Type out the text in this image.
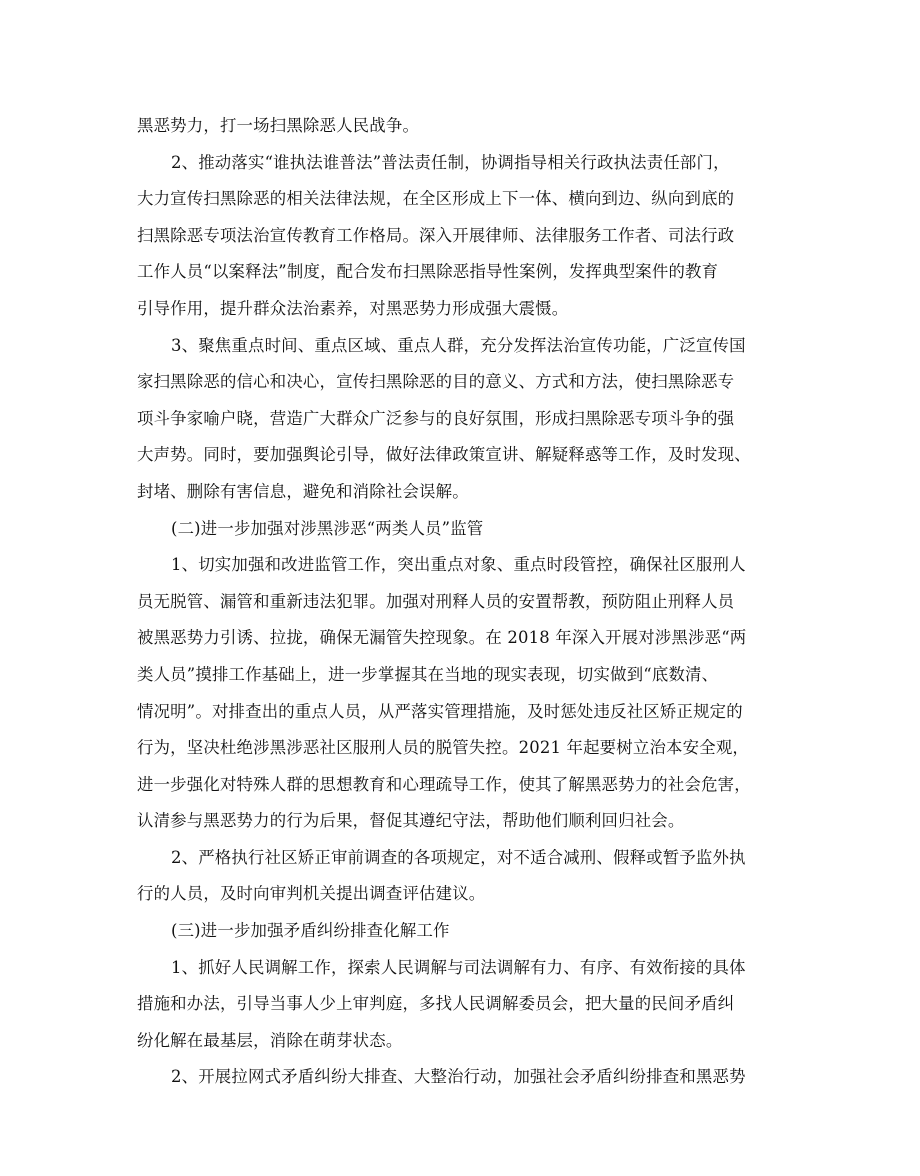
黑恶势力，打一场扫黑除恶人民战争。
2、推动落实“谁执法谁普法”普法责任制，协调指导相关行政执法责任部门，
大力宣传扫黑除恶的相关法律法规，在全区形成上下一体、横向到边、纵向到底的
扫黑除恶专项法治宣传教育工作格局。深入开展律师、法律服务工作者、司法行政
工作人员“以案释法”制度，配合发布扫黑除恶指导性案例，发挥典型案件的教育
引导作用，提升群众法治素养，对黑恶势力形成强大震慑。
3、聚焦重点时间、重点区域、重点人群，充分发挥法治宣传功能，广泛宣传国
家扫黑除恶的信心和决心，宣传扫黑除恶的目的意义、方式和方法，使扫黑除恶专
项斗争家喻户晓，营造广大群众广泛参与的良好氛围，形成扫黑除恶专项斗争的强
大声势。同时，要加强舆论引导，做好法律政策宣讲、解疑释惑等工作，及时发现、
封堵、删除有害信息，避免和消除社会误解。
(二)进一步加强对涉黑涉恶“两类人员”监管
1、切实加强和改进监管工作，突出重点对象、重点时段管控，确保社区服刑人
员无脱管、漏管和重新违法犯罪。加强对刑释人员的安置帮教，预防阻止刑释人员
被黑恶势力引诱、拉拢，确保无漏管失控现象。在 2018 年深入开展对涉黑涉恶“两
类人员”摸排工作基础上，进一步掌握其在当地的现实表现，切实做到“底数清、
情况明”。对排查出的重点人员，从严落实管理措施，及时惩处违反社区矫正规定的
行为，坚决杜绝涉黑涉恶社区服刑人员的脱管失控。2021 年起要树立治本安全观，
进一步强化对特殊人群的思想教育和心理疏导工作，使其了解黑恶势力的社会危害，
认清参与黑恶势力的行为后果，督促其遵纪守法，帮助他们顺利回归社会。
2、严格执行社区矫正审前调查的各项规定，对不适合减刑、假释或暂予监外执
行的人员，及时向审判机关提出调查评估建议。
(三)进一步加强矛盾纠纷排查化解工作
1、抓好人民调解工作，探索人民调解与司法调解有力、有序、有效衔接的具体
措施和办法，引导当事人少上审判庭，多找人民调解委员会，把大量的民间矛盾纠
纷化解在最基层，消除在萌芽状态。
2、开展拉网式矛盾纠纷大排查、大整治行动，加强社会矛盾纠纷排查和黑恶势
